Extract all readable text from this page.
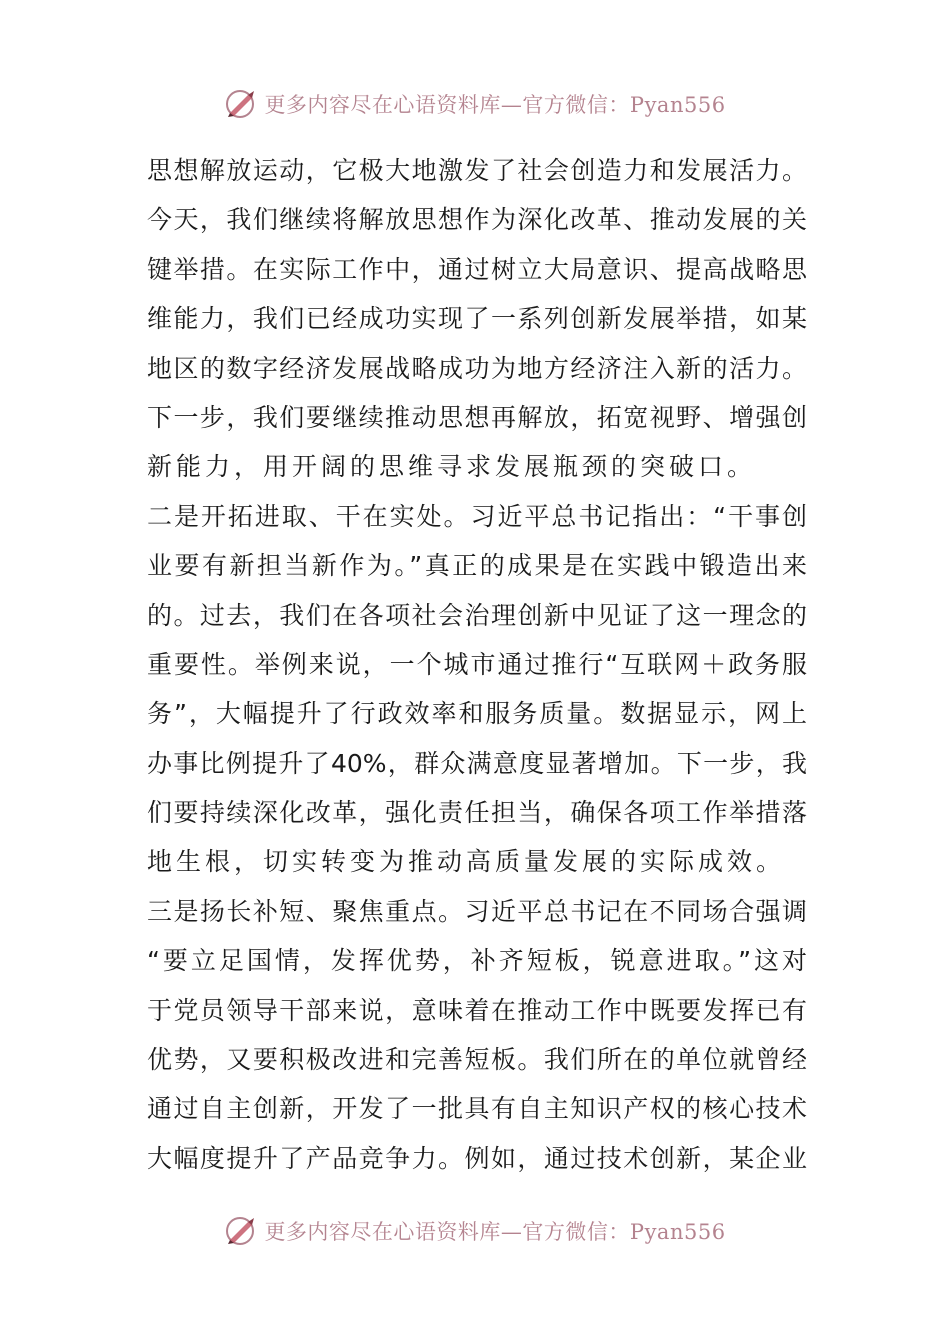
更多内容尽在心语资料库—官方微信：Pyan556
思想解放运动，它极大地激发了社会创造力和发展活力。
今天，我们继续将解放思想作为深化改革、推动发展的关
键举措。在实际工作中，通过树立大局意识、提高战略思
维能力，我们已经成功实现了一系列创新发展举措，如某
地区的数字经济发展战略成功为地方经济注入新的活力。
下一步，我们要继续推动思想再解放，拓宽视野、增强创
新能力，用开阔的思维寻求发展瓶颈的突破口。
二是开拓进取、干在实处。习近平总书记指出：“干事创
业要有新担当新作为。”真正的成果是在实践中锻造出来
的。过去，我们在各项社会治理创新中见证了这一理念的
重要性。举例来说，一个城市通过推行“互联网＋政务服
务”，大幅提升了行政效率和服务质量。数据显示，网上
办事比例提升了40%，群众满意度显著增加。下一步，我
们要持续深化改革，强化责任担当，确保各项工作举措落
地生根，切实转变为推动高质量发展的实际成效。
三是扬长补短、聚焦重点。习近平总书记在不同场合强调
“要立足国情，发挥优势，补齐短板，锐意进取。”这对
于党员领导干部来说，意味着在推动工作中既要发挥已有
优势，又要积极改进和完善短板。我们所在的单位就曾经
通过自主创新，开发了一批具有自主知识产权的核心技术
大幅度提升了产品竞争力。例如，通过技术创新，某企业
更多内容尽在心语资料库—官方微信：Pyan556
